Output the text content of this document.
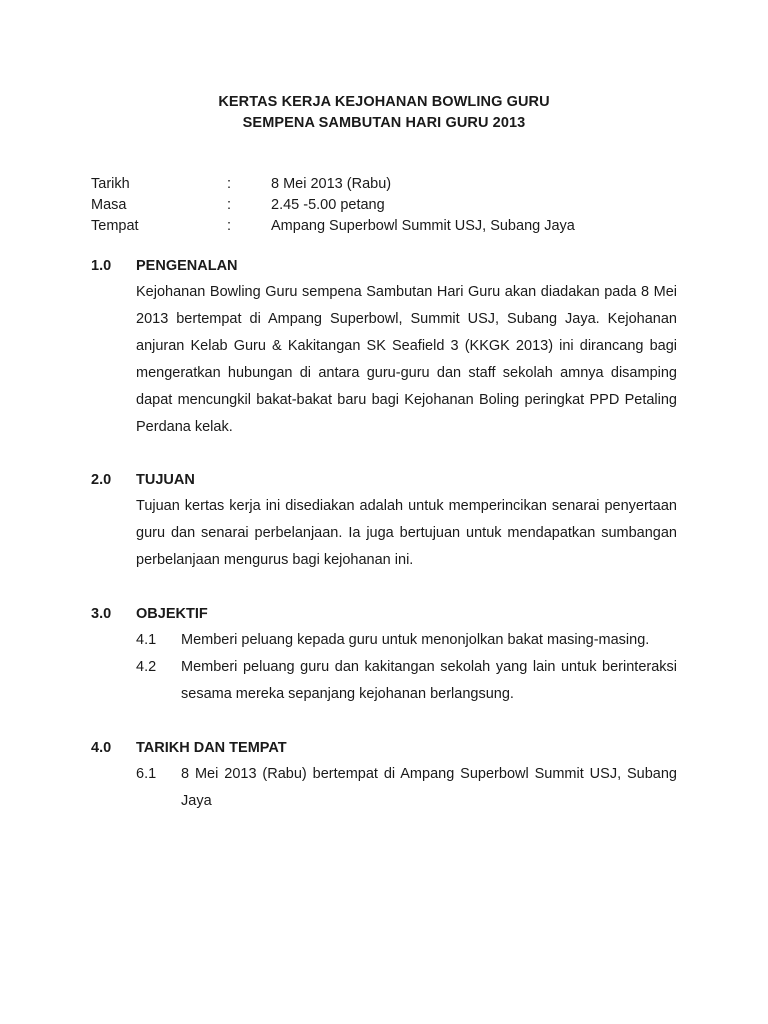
KERTAS KERJA KEJOHANAN BOWLING GURU
SEMPENA SAMBUTAN HARI GURU 2013
Tarikh	:	8 Mei 2013 (Rabu)
Masa	:	2.45 -5.00 petang
Tempat	:	Ampang Superbowl Summit USJ, Subang Jaya
1.0 PENGENALAN
Kejohanan Bowling Guru sempena Sambutan Hari Guru akan diadakan pada 8 Mei 2013 bertempat di Ampang Superbowl, Summit USJ, Subang Jaya. Kejohanan anjuran Kelab Guru & Kakitangan SK Seafield 3 (KKGK 2013) ini dirancang bagi mengeratkan hubungan di antara guru-guru dan staff sekolah amnya disamping dapat mencungkil bakat-bakat baru bagi Kejohanan Boling peringkat PPD Petaling Perdana kelak.
2.0 TUJUAN
Tujuan kertas kerja ini disediakan adalah untuk memperincikan senarai penyertaan guru dan senarai perbelanjaan. Ia juga bertujuan untuk mendapatkan sumbangan perbelanjaan mengurus bagi kejohanan ini.
3.0 OBJEKTIF
4.1 Memberi peluang kepada guru untuk menonjolkan bakat masing-masing.
4.2 Memberi peluang guru dan kakitangan sekolah yang lain untuk berinteraksi sesama mereka sepanjang kejohanan berlangsung.
4.0 TARIKH DAN TEMPAT
6.1 8 Mei 2013 (Rabu) bertempat di Ampang Superbowl Summit USJ, Subang Jaya
